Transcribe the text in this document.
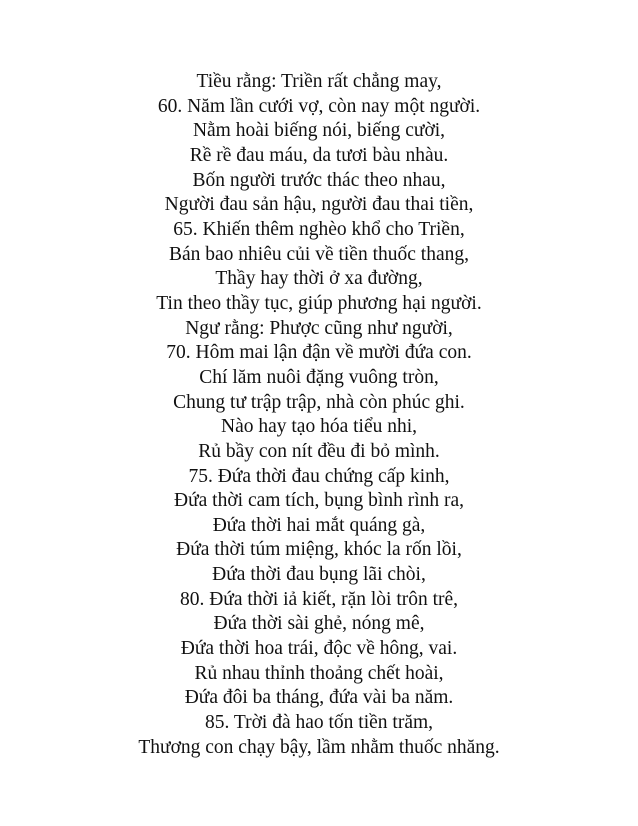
Tiều rằng: Triền rất chẳng may,
60. Năm lần cưới vợ, còn nay một người.
Nằm hoài biếng nói, biếng cười,
Rề rề đau máu, da tươi bàu nhàu.
Bốn người trước thác theo nhau,
Người đau sản hậu, người đau thai tiền,
65. Khiến thêm nghèo khổ cho Triền,
Bán bao nhiêu củi về tiền thuốc thang,
Thầy hay thời ở xa đường,
Tin theo thầy tục, giúp phương hại người.
Ngư rằng: Phược cũng như người,
70. Hôm mai lận đận về mười đứa con.
Chí lăm nuôi đặng vuông tròn,
Chung tư trập trập, nhà còn phúc ghi.
Nào hay tạo hóa tiểu nhi,
Rủ bầy con nít đều đi bỏ mình.
75. Đứa thời đau chứng cấp kinh,
Đứa thời cam tích, bụng bình rình ra,
Đứa thời hai mắt quáng gà,
Đứa thời túm miệng, khóc la rốn lồi,
Đứa thời đau bụng lãi chòi,
80. Đứa thời iả kiết, rặn lòi trôn trê,
Đứa thời sài ghẻ, nóng mê,
Đứa thời hoa trái, độc về hông, vai.
Rủ nhau thỉnh thoảng chết hoài,
Đứa đôi ba tháng, đứa vài ba năm.
85. Trời đà hao tốn tiền trăm,
Thương con chạy bậy, lầm nhằm thuốc nhăng.
